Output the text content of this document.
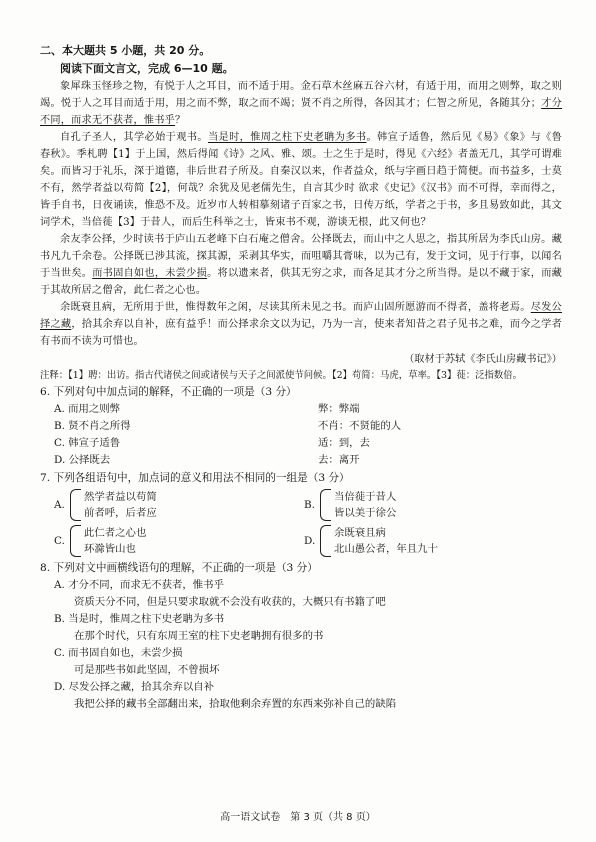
二、本大题共 5 小题，共 20 分。
阅读下面文言文，完成 6—10 题。

象犀珠玉怪珍之物，有悦于人之耳目，而不适于用。金石草木丝麻五谷六材，有适于用，而用之则弊，取之则竭。悦于人之耳目而适于用，用之而不弊，取之而不竭；贤不肖之所得，各因其才；仁智之所见，各随其分；才分不同，而求无不获者，惟书乎？

自孔子圣人，其学必始于观书。当是时，惟周之柱下史老聃为多书。韩宣子适鲁，然后见《易》《象》与《鲁春秋》。季札聘【1】于上国，然后得闻《诗》之风、雅、颂。士之生于是时，得见《六经》者盖无几，其学可谓难矣。而皆习于礼乐，深于道德，非后世君子所及。自秦汉以来，作者益众，纸与字画日趋于简便。而书益多，士莫不有，然学者益以苟简【2】，何哉？余犹及见老儒先生，自言其少时 欲求《史记》《汉书》而不可得，幸而得之，皆手自书，日夜诵读，惟恐不及。近岁市人转相摹刻诸子百家之书，日传万纸，学者之于书，多且易致如此，其文词学术，当倍蓰【3】于昔人，而后生科举之士，皆束书不观，游谈无根，此又何也？

余友李公择，少时读书于庐山五老峰下白石庵之僧舍。公择既去，而山中之人思之，指其所居为李氏山房。藏书凡九千余卷。公择既已涉其流，探其源，采剥其华实，而咀嚼其膏味，以为己有，发于文词，见于行事，以闻名于当世矣。而书固自如也，未尝少损。将以遗来者，供其无穷之求，而各足其才分之所当得。是以不藏于家，而藏于其故所居之僧舍，此仁者之心也。

余既衰且病，无所用于世，惟得数年之闲，尽读其所未见之书。而庐山固所愿游而不得者，盖将老焉。尽发公择之藏，拾其余弃以自补，庶有益乎！而公择求余文以为记，乃为一言，使来者知昔之君子见书之难，而今之学者有书而不读为可惜也。

（取材于苏轼《李氏山房藏书记》）
注释：【1】聘：出访。指古代诸侯之间或诸侯与天子之间派使节问候。【2】苟简：马虎，草率。【3】蓰：泛指数倍。
6. 下列对句中加点词的解释，不正确的一项是（3 分）
A. 而用之则弊	弊：弊端
B. 贤不肖之所得	不肖：不贤能的人
C. 韩宣子适鲁	适：到，去
D. 公择既去	去：离开
7. 下列各组语句中，加点词的意义和用法不相同的一组是（3 分）
A.
然学者益以苟简
前者呼，后者应
B.
当倍蓰于昔人
皆以美于徐公
C.
此仁者之心也
环滁皆山也
D.
余既衰且病
北山愚公者，年且九十
8. 下列对文中画横线语句的理解，不正确的一项是（3 分）
A. 才分不同，而求无不获者，惟书乎
资质天分不同，但是只要求取就不会没有收获的，大概只有书籍了吧
B. 当是时，惟周之柱下史老聃为多书
在那个时代，只有东周王室的柱下史老聃拥有很多的书
C. 而书固自如也，未尝少损
可是那些书如此坚固，不曾损坏
D. 尽发公择之藏，拾其余弃以自补
我把公择的藏书全部翻出来，拾取他剩余弃置的东西来弥补自己的缺陷
高一语文试卷　第 3 页（共 8 页）
